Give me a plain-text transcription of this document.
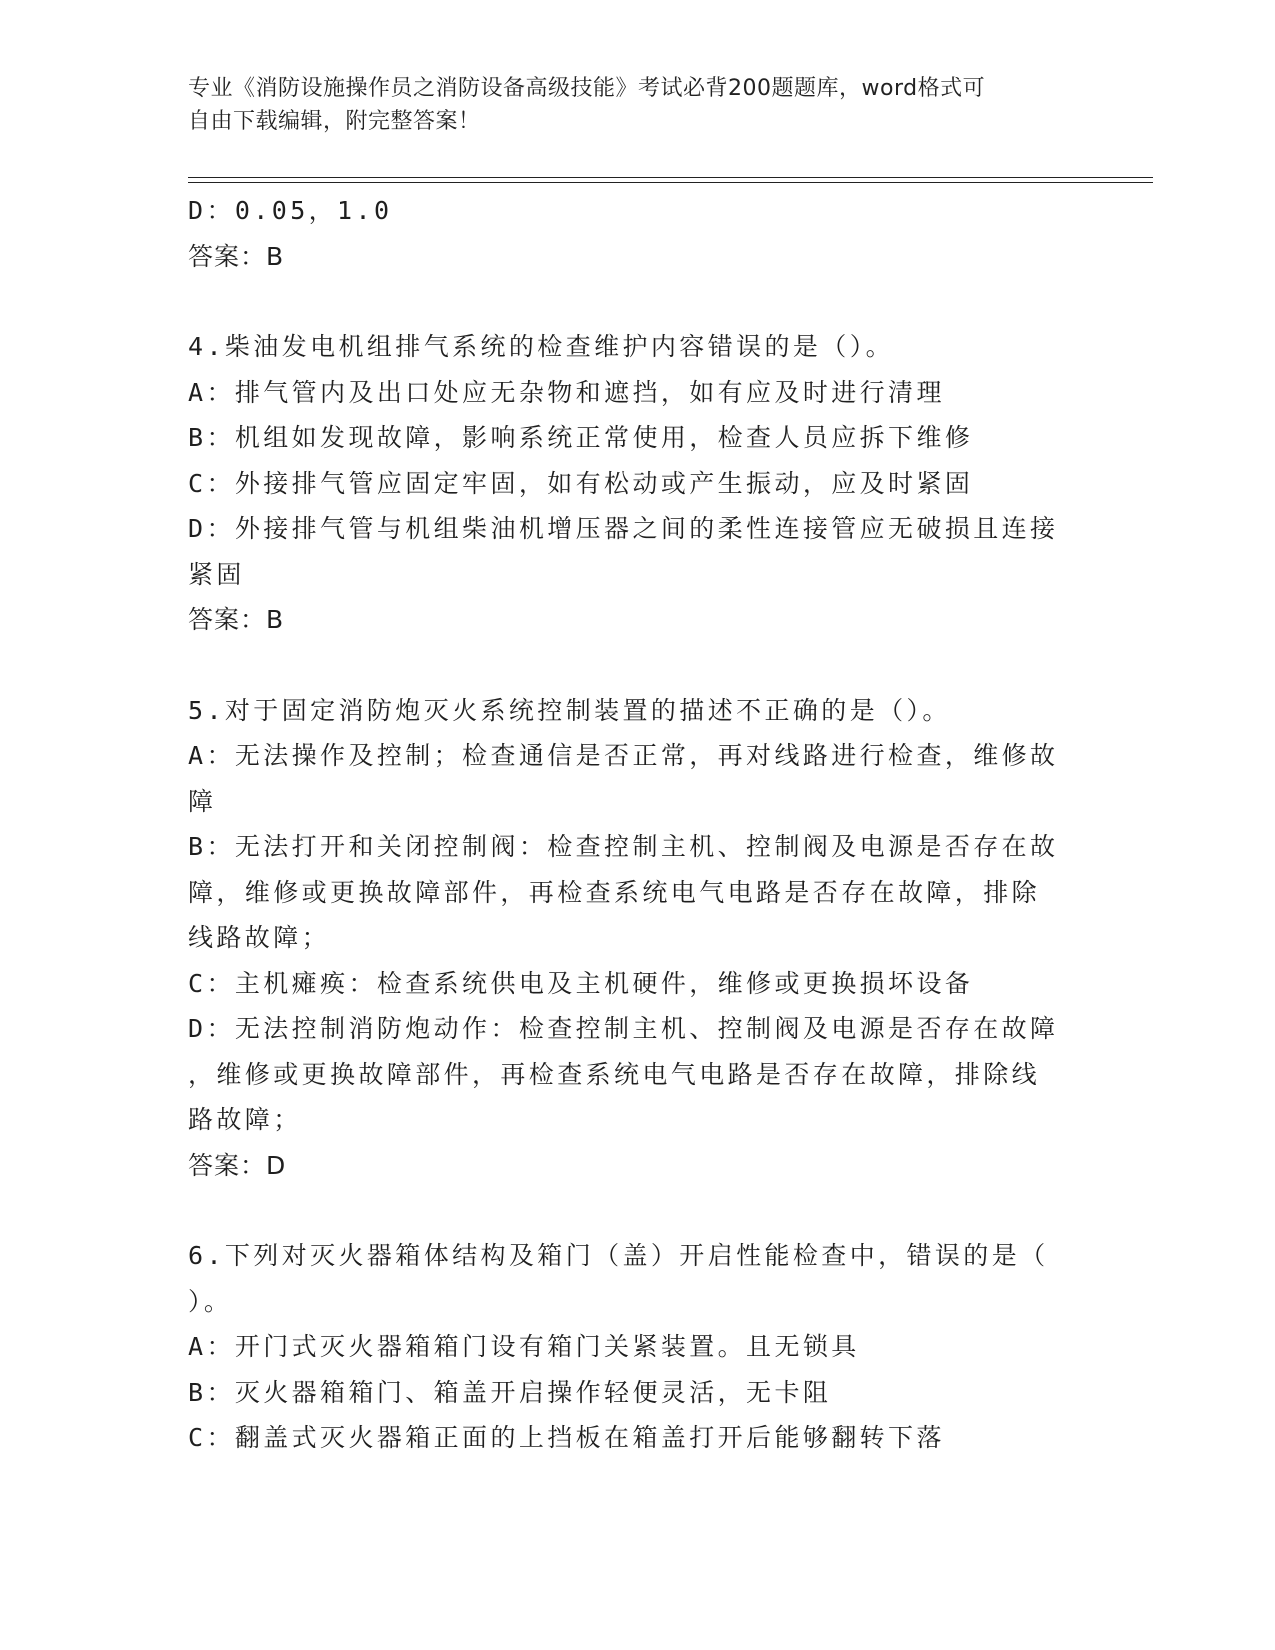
专业《消防设施操作员之消防设备高级技能》考试必背200题题库，word格式可
自由下载编辑，附完整答案！
D：0.05，1.0
答案：B
4.柴油发电机组排气系统的检查维护内容错误的是（）。
A：排气管内及出口处应无杂物和遮挡，如有应及时进行清理
B：机组如发现故障，影响系统正常使用，检查人员应拆下维修
C：外接排气管应固定牢固，如有松动或产生振动，应及时紧固
D：外接排气管与机组柴油机增压器之间的柔性连接管应无破损且连接
紧固
答案：B
5.对于固定消防炮灭火系统控制装置的描述不正确的是（）。
A：无法操作及控制；检查通信是否正常，再对线路进行检查，维修故
障
B：无法打开和关闭控制阀：检查控制主机、控制阀及电源是否存在故
障，维修或更换故障部件，再检查系统电气电路是否存在故障，排除
线路故障；
C：主机瘫痪：检查系统供电及主机硬件，维修或更换损坏设备
D：无法控制消防炮动作：检查控制主机、控制阀及电源是否存在故障
，维修或更换故障部件，再检查系统电气电路是否存在故障，排除线
路故障；
答案：D
6.下列对灭火器箱体结构及箱门（盖）开启性能检查中，错误的是（
）。
A：开门式灭火器箱箱门设有箱门关紧装置。且无锁具
B：灭火器箱箱门、箱盖开启操作轻便灵活，无卡阻
C：翻盖式灭火器箱正面的上挡板在箱盖打开后能够翻转下落
